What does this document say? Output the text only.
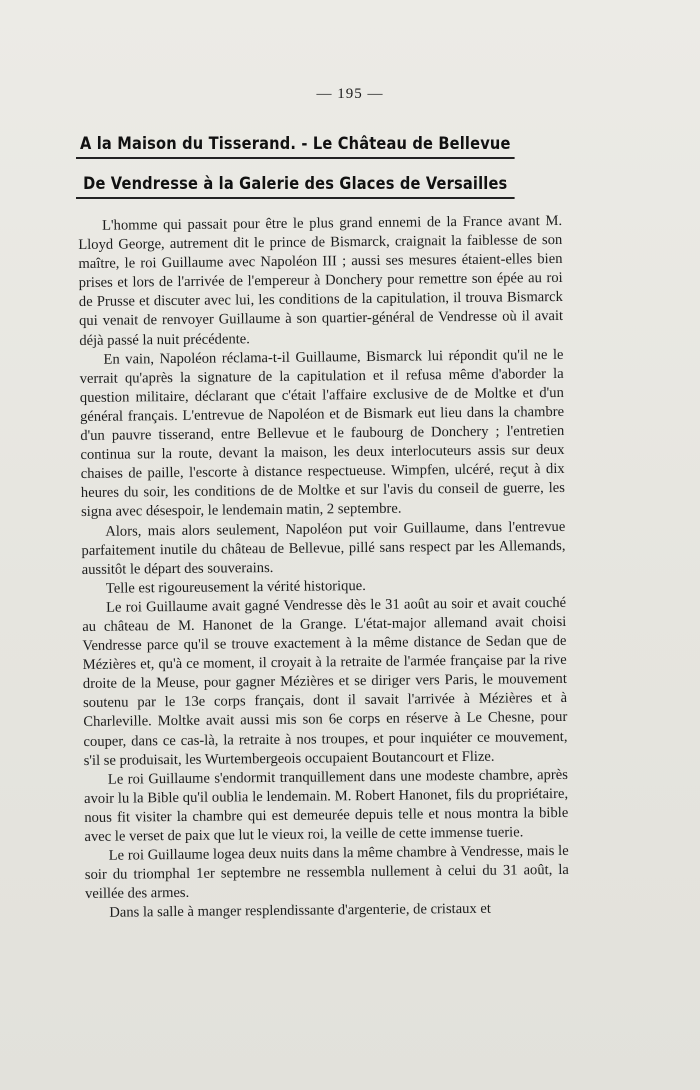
— 195 —
A la Maison du Tisserand. - Le Château de Bellevue
De Vendresse à la Galerie des Glaces de Versailles

L'homme qui passait pour être le plus grand ennemi de la France avant M. Lloyd George, autrement dit le prince de Bismarck, craignait la faiblesse de son maître, le roi Guillaume avec Napoléon III ; aussi ses mesures étaient-elles bien prises et lors de l'arrivée de l'empereur à Donchery pour remettre son épée au roi de Prusse et discuter avec lui, les conditions de la capitulation, il trouva Bismarck qui venait de renvoyer Guillaume à son quartier-général de Vendresse où il avait déjà passé la nuit précédente.

En vain, Napoléon réclama-t-il Guillaume, Bismarck lui répondit qu'il ne le verrait qu'après la signature de la capitulation et il refusa même d'aborder la question militaire, déclarant que c'était l'affaire exclusive de de Moltke et d'un général français. L'entrevue de Napoléon et de Bismark eut lieu dans la chambre d'un pauvre tisserand, entre Bellevue et le faubourg de Donchery ; l'entretien continua sur la route, devant la maison, les deux interlocuteurs assis sur deux chaises de paille, l'escorte à distance respectueuse. Wimpfen, ulcéré, reçut à dix heures du soir, les conditions de de Moltke et sur l'avis du conseil de guerre, les signa avec désespoir, le lendemain matin, 2 septembre.

Alors, mais alors seulement, Napoléon put voir Guillaume, dans l'entrevue parfaitement inutile du château de Bellevue, pillé sans respect par les Allemands, aussitôt le départ des souverains.

Telle est rigoureusement la vérité historique.

Le roi Guillaume avait gagné Vendresse dès le 31 août au soir et avait couché au château de M. Hanonet de la Grange. L'état-major allemand avait choisi Vendresse parce qu'il se trouve exactement à la même distance de Sedan que de Mézières et, qu'à ce moment, il croyait à la retraite de l'armée française par la rive droite de la Meuse, pour gagner Mézières et se diriger vers Paris, le mouvement soutenu par le 13e corps français, dont il savait l'arrivée à Mézières et à Charleville. Moltke avait aussi mis son 6e corps en réserve à Le Chesne, pour couper, dans ce cas-là, la retraite à nos troupes, et pour inquiéter ce mouvement, s'il se produisait, les Wurtembergeois occupaient Boutancourt et Flize.

Le roi Guillaume s'endormit tranquillement dans une modeste chambre, après avoir lu la Bible qu'il oublia le lendemain. M. Robert Hanonet, fils du propriétaire, nous fit visiter la chambre qui est demeurée depuis telle et nous montra la bible avec le verset de paix que lut le vieux roi, la veille de cette immense tuerie.

Le roi Guillaume logea deux nuits dans la même chambre à Vendresse, mais le soir du triomphal 1er septembre ne ressembla nullement à celui du 31 août, la veillée des armes.

Dans la salle à manger resplendissante d'argenterie, de cristaux et
